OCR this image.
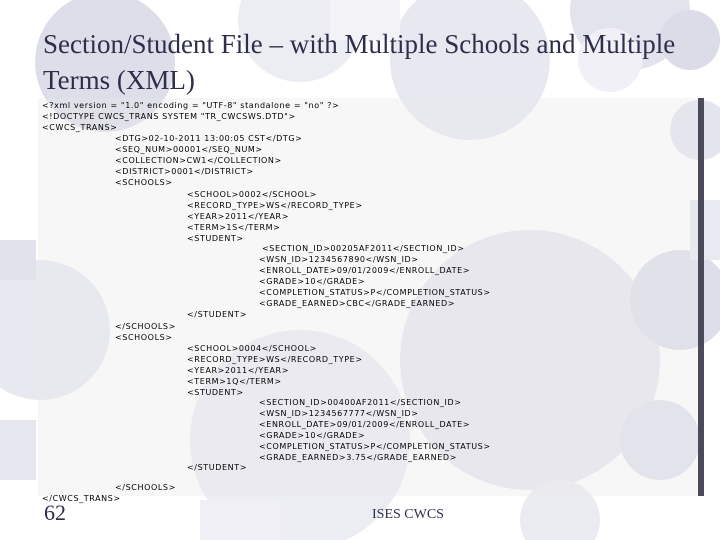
Section/Student File – with Multiple Schools and Multiple Terms (XML)

<?xml version = "1.0" encoding = "UTF-8" standalone = "no" ?>

<!DOCTYPE CWCS_TRANS SYSTEM "TR_CWCSWS.DTD">

<CWCS_TRANS>

<DTG>02-10-2011 13:00:05 CST</DTG>

<SEQ_NUM>00001</SEQ_NUM>

<COLLECTION>CW1</COLLECTION>

<DISTRICT>0001</DISTRICT>

<SCHOOLS>

<SCHOOL>0002</SCHOOL>

<RECORD_TYPE>WS</RECORD_TYPE>

<YEAR>2011</YEAR>

<TERM>1S</TERM>

<STUDENT>

<SECTION_ID>00205AF2011</SECTION_ID>

<WSN_ID>1234567890</WSN_ID>

<ENROLL_DATE>09/01/2009</ENROLL_DATE>

<GRADE>10</GRADE>

<COMPLETION_STATUS>P</COMPLETION_STATUS>

<GRADE_EARNED>CBC</GRADE_EARNED>

</STUDENT>

</SCHOOLS>

<SCHOOLS>

<SCHOOL>0004</SCHOOL>

<RECORD_TYPE>WS</RECORD_TYPE>

<YEAR>2011</YEAR>

<TERM>1Q</TERM>

<STUDENT>

<SECTION_ID>00400AF2011</SECTION_ID>

<WSN_ID>1234567777</WSN_ID>

<ENROLL_DATE>09/01/2009</ENROLL_DATE>

<GRADE>10</GRADE>

<COMPLETION_STATUS>P</COMPLETION_STATUS>

<GRADE_EARNED>3.75</GRADE_EARNED>

</STUDENT>

</SCHOOLS>

</CWCS_TRANS>

62	ISES CWCS
